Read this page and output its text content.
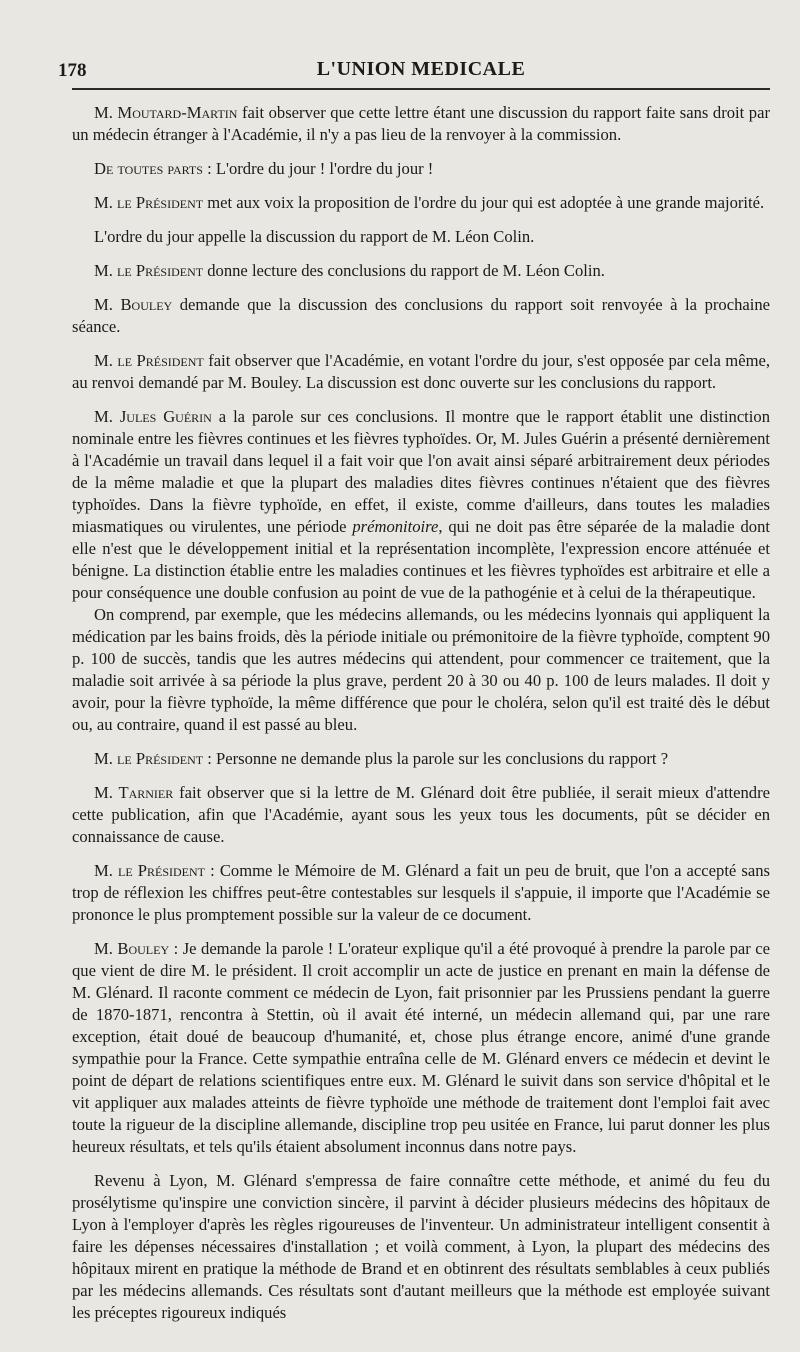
178	L'UNION MEDICALE

M. Moutard-Martin fait observer que cette lettre étant une discussion du rapport faite sans droit par un médecin étranger à l'Académie, il n'y a pas lieu de la renvoyer à la commission.

De toutes parts : L'ordre du jour ! l'ordre du jour !

M. le Président met aux voix la proposition de l'ordre du jour qui est adoptée à une grande majorité.

L'ordre du jour appelle la discussion du rapport de M. Léon Colin.

M. le Président donne lecture des conclusions du rapport de M. Léon Colin.

M. Bouley demande que la discussion des conclusions du rapport soit renvoyée à la prochaine séance.

M. le Président fait observer que l'Académie, en votant l'ordre du jour, s'est opposée par cela même, au renvoi demandé par M. Bouley. La discussion est donc ouverte sur les conclusions du rapport.

M. Jules Guérin a la parole sur ces conclusions. Il montre que le rapport établit une distinction nominale entre les fièvres continues et les fièvres typhoïdes. Or, M. Jules Guérin a présenté dernièrement à l'Académie un travail dans lequel il a fait voir que l'on avait ainsi séparé arbitrairement deux périodes de la même maladie et que la plupart des maladies dites fièvres continues n'étaient que des fièvres typhoïdes. Dans la fièvre typhoïde, en effet, il existe, comme d'ailleurs, dans toutes les maladies miasmatiques ou virulentes, une période prémonitoire, qui ne doit pas être séparée de la maladie dont elle n'est que le développement initial et la représentation incomplète, l'expression encore atténuée et bénigne. La distinction établie entre les maladies continues et les fièvres typhoïdes est arbitraire et elle a pour conséquence une double confusion au point de vue de la pathogénie et à celui de la thérapeutique.

On comprend, par exemple, que les médecins allemands, ou les médecins lyonnais qui appliquent la médication par les bains froids, dès la période initiale ou prémonitoire de la fièvre typhoïde, comptent 90 p. 100 de succès, tandis que les autres médecins qui attendent, pour commencer ce traitement, que la maladie soit arrivée à sa période la plus grave, perdent 20 à 30 ou 40 p. 100 de leurs malades. Il doit y avoir, pour la fièvre typhoïde, la même différence que pour le choléra, selon qu'il est traité dès le début ou, au contraire, quand il est passé au bleu.

M. le Président : Personne ne demande plus la parole sur les conclusions du rapport ?

M. Tarnier fait observer que si la lettre de M. Glénard doit être publiée, il serait mieux d'attendre cette publication, afin que l'Académie, ayant sous les yeux tous les documents, pût se décider en connaissance de cause.

M. le Président : Comme le Mémoire de M. Glénard a fait un peu de bruit, que l'on a accepté sans trop de réflexion les chiffres peut-être contestables sur lesquels il s'appuie, il importe que l'Académie se prononce le plus promptement possible sur la valeur de ce document.

M. Bouley : Je demande la parole ! L'orateur explique qu'il a été provoqué à prendre la parole par ce que vient de dire M. le président. Il croit accomplir un acte de justice en prenant en main la défense de M. Glénard. Il raconte comment ce médecin de Lyon, fait prisonnier par les Prussiens pendant la guerre de 1870-1871, rencontra à Stettin, où il avait été interné, un médecin allemand qui, par une rare exception, était doué de beaucoup d'humanité, et, chose plus étrange encore, animé d'une grande sympathie pour la France. Cette sympathie entraîna celle de M. Glénard envers ce médecin et devint le point de départ de relations scientifiques entre eux. M. Glénard le suivit dans son service d'hôpital et le vit appliquer aux malades atteints de fièvre typhoïde une méthode de traitement dont l'emploi fait avec toute la rigueur de la discipline allemande, discipline trop peu usitée en France, lui parut donner les plus heureux résultats, et tels qu'ils étaient absolument inconnus dans notre pays.

Revenu à Lyon, M. Glénard s'empressa de faire connaître cette méthode, et animé du feu du prosélytisme qu'inspire une conviction sincère, il parvint à décider plusieurs médecins des hôpitaux de Lyon à l'employer d'après les règles rigoureuses de l'inventeur. Un administrateur intelligent consentit à faire les dépenses nécessaires d'installation ; et voilà comment, à Lyon, la plupart des médecins des hôpitaux mirent en pratique la méthode de Brand et en obtinrent des résultats semblables à ceux publiés par les médecins allemands. Ces résultats sont d'autant meilleurs que la méthode est employée suivant les préceptes rigoureux indiqués
